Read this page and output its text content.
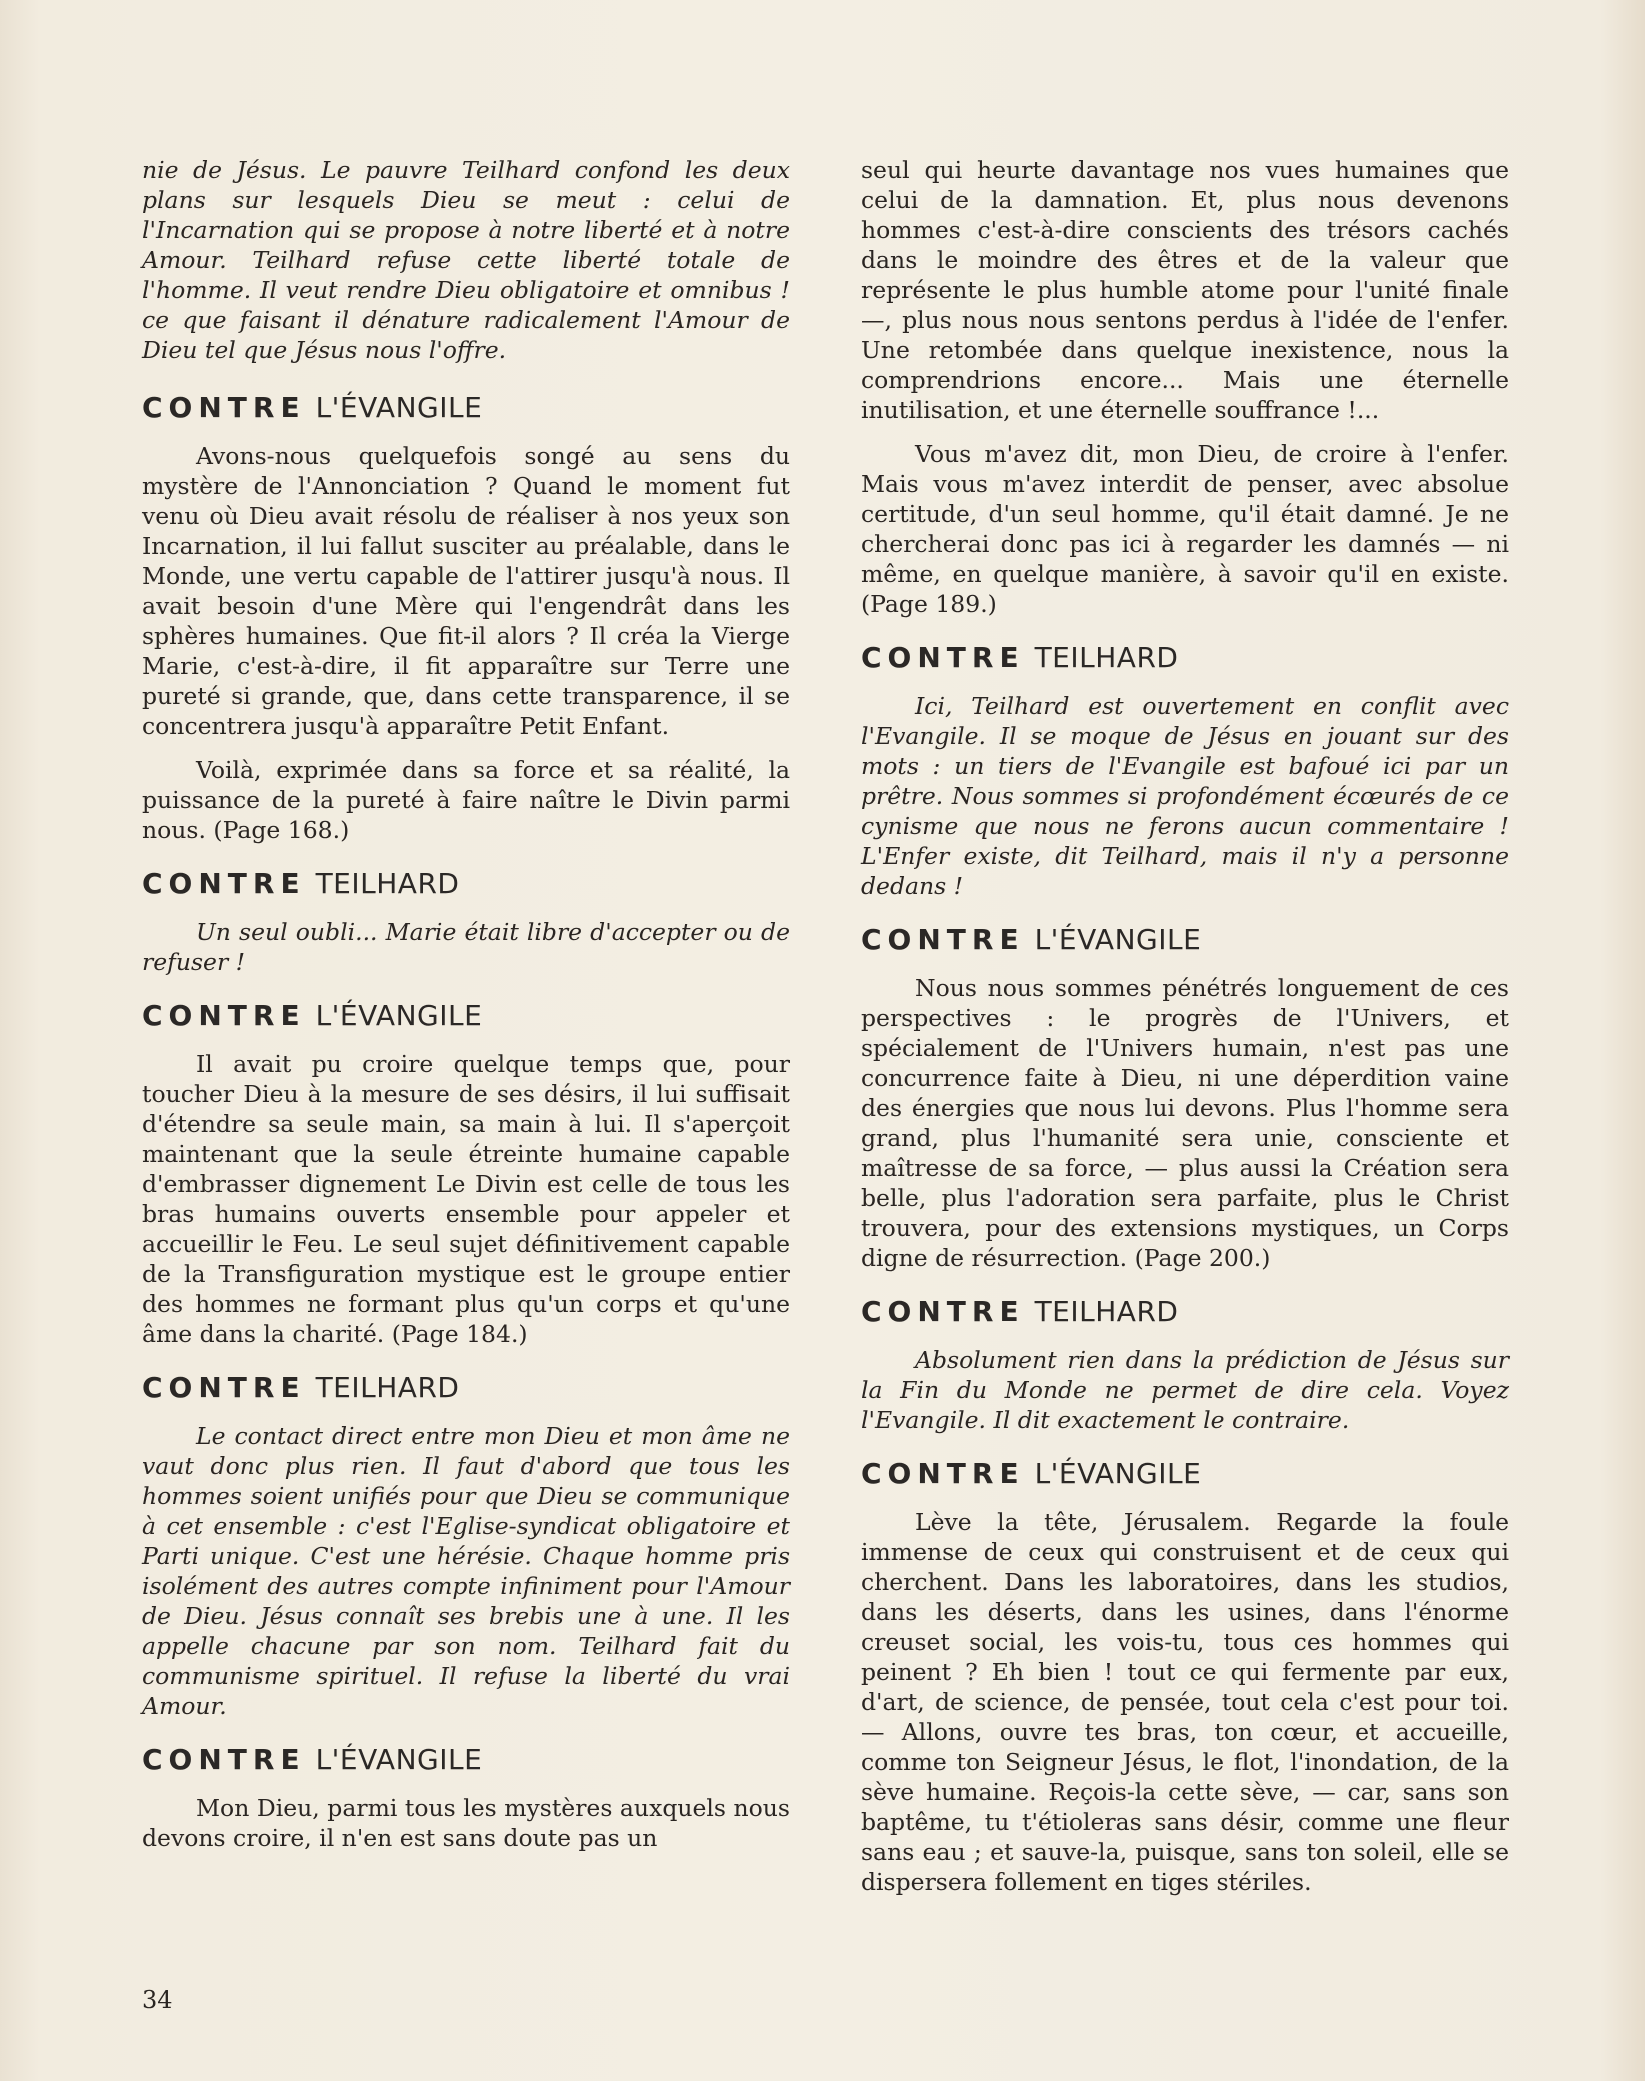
nie de Jésus. Le pauvre Teilhard confond les deux plans sur lesquels Dieu se meut : celui de l'Incarnation qui se propose à notre liberté et à notre Amour. Teilhard refuse cette liberté totale de l'homme. Il veut rendre Dieu obligatoire et omnibus ! ce que faisant il dénature radicalement l'Amour de Dieu tel que Jésus nous l'offre.

CONTRE L'ÉVANGILE

Avons-nous quelquefois songé au sens du mystère de l'Annonciation ? Quand le moment fut venu où Dieu avait résolu de réaliser à nos yeux son Incarnation, il lui fallut susciter au préalable, dans le Monde, une vertu capable de l'attirer jusqu'à nous. Il avait besoin d'une Mère qui l'engendrât dans les sphères humaines. Que fit-il alors ? Il créa la Vierge Marie, c'est-à-dire, il fit apparaître sur Terre une pureté si grande, que, dans cette transparence, il se concentrera jusqu'à apparaître Petit Enfant.

Voilà, exprimée dans sa force et sa réalité, la puissance de la pureté à faire naître le Divin parmi nous. (Page 168.)

CONTRE TEILHARD

Un seul oubli... Marie était libre d'accepter ou de refuser !

CONTRE L'ÉVANGILE

Il avait pu croire quelque temps que, pour toucher Dieu à la mesure de ses désirs, il lui suffisait d'étendre sa seule main, sa main à lui. Il s'aperçoit maintenant que la seule étreinte humaine capable d'embrasser dignement Le Divin est celle de tous les bras humains ouverts ensemble pour appeler et accueillir le Feu. Le seul sujet définitivement capable de la Transfiguration mystique est le groupe entier des hommes ne formant plus qu'un corps et qu'une âme dans la charité. (Page 184.)

CONTRE TEILHARD

Le contact direct entre mon Dieu et mon âme ne vaut donc plus rien. Il faut d'abord que tous les hommes soient unifiés pour que Dieu se communique à cet ensemble : c'est l'Eglise-syndicat obligatoire et Parti unique. C'est une hérésie. Chaque homme pris isolément des autres compte infiniment pour l'Amour de Dieu. Jésus connaît ses brebis une à une. Il les appelle chacune par son nom. Teilhard fait du communisme spirituel. Il refuse la liberté du vrai Amour.

CONTRE L'ÉVANGILE

Mon Dieu, parmi tous les mystères auxquels nous devons croire, il n'en est sans doute pas un

seul qui heurte davantage nos vues humaines que celui de la damnation. Et, plus nous devenons hommes c'est-à-dire conscients des trésors cachés dans le moindre des êtres et de la valeur que représente le plus humble atome pour l'unité finale —, plus nous nous sentons perdus à l'idée de l'enfer. Une retombée dans quelque inexistence, nous la comprendrions encore... Mais une éternelle inutilisation, et une éternelle souffrance !...

Vous m'avez dit, mon Dieu, de croire à l'enfer. Mais vous m'avez interdit de penser, avec absolue certitude, d'un seul homme, qu'il était damné. Je ne chercherai donc pas ici à regarder les damnés — ni même, en quelque manière, à savoir qu'il en existe. (Page 189.)

CONTRE TEILHARD

Ici, Teilhard est ouvertement en conflit avec l'Evangile. Il se moque de Jésus en jouant sur des mots : un tiers de l'Evangile est bafoué ici par un prêtre. Nous sommes si profondément écœurés de ce cynisme que nous ne ferons aucun commentaire ! L'Enfer existe, dit Teilhard, mais il n'y a personne dedans !

CONTRE L'ÉVANGILE

Nous nous sommes pénétrés longuement de ces perspectives : le progrès de l'Univers, et spécialement de l'Univers humain, n'est pas une concurrence faite à Dieu, ni une déperdition vaine des énergies que nous lui devons. Plus l'homme sera grand, plus l'humanité sera unie, consciente et maîtresse de sa force, — plus aussi la Création sera belle, plus l'adoration sera parfaite, plus le Christ trouvera, pour des extensions mystiques, un Corps digne de résurrection. (Page 200.)

CONTRE TEILHARD

Absolument rien dans la prédiction de Jésus sur la Fin du Monde ne permet de dire cela. Voyez l'Evangile. Il dit exactement le contraire.

CONTRE L'ÉVANGILE

Lève la tête, Jérusalem. Regarde la foule immense de ceux qui construisent et de ceux qui cherchent. Dans les laboratoires, dans les studios, dans les déserts, dans les usines, dans l'énorme creuset social, les vois-tu, tous ces hommes qui peinent ? Eh bien ! tout ce qui fermente par eux, d'art, de science, de pensée, tout cela c'est pour toi. — Allons, ouvre tes bras, ton cœur, et accueille, comme ton Seigneur Jésus, le flot, l'inondation, de la sève humaine. Reçois-la cette sève, — car, sans son baptême, tu t'étioleras sans désir, comme une fleur sans eau ; et sauve-la, puisque, sans ton soleil, elle se dispersera follement en tiges stériles.

34
